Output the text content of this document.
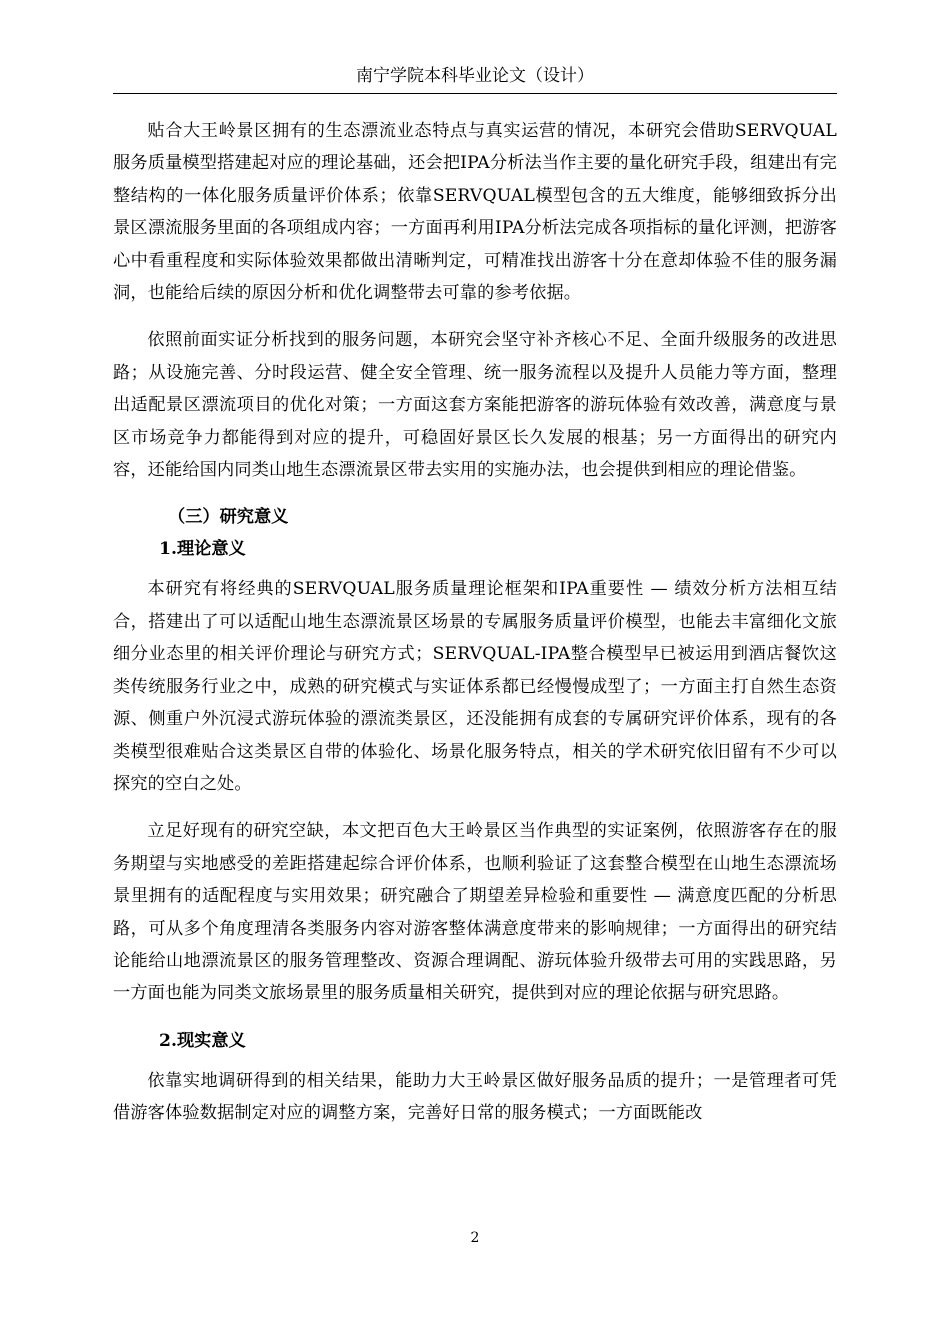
南宁学院本科毕业论文（设计）

贴合大王岭景区拥有的生态漂流业态特点与真实运营的情况，本研究会借助SERVQUAL服务质量模型搭建起对应的理论基础，还会把IPA分析法当作主要的量化研究手段，组建出有完整结构的一体化服务质量评价体系；依靠SERVQUAL模型包含的五大维度，能够细致拆分出景区漂流服务里面的各项组成内容；一方面再利用IPA分析法完成各项指标的量化评测，把游客心中看重程度和实际体验效果都做出清晰判定，可精准找出游客十分在意却体验不佳的服务漏洞，也能给后续的原因分析和优化调整带去可靠的参考依据。

依照前面实证分析找到的服务问题，本研究会坚守补齐核心不足、全面升级服务的改进思路；从设施完善、分时段运营、健全安全管理、统一服务流程以及提升人员能力等方面，整理出适配景区漂流项目的优化对策；一方面这套方案能把游客的游玩体验有效改善，满意度与景区市场竞争力都能得到对应的提升，可稳固好景区长久发展的根基；另一方面得出的研究内容，还能给国内同类山地生态漂流景区带去实用的实施办法，也会提供到相应的理论借鉴。

（三）研究意义
1.理论意义

本研究有将经典的SERVQUAL服务质量理论框架和IPA重要性 — 绩效分析方法相互结合，搭建出了可以适配山地生态漂流景区场景的专属服务质量评价模型，也能去丰富细化文旅细分业态里的相关评价理论与研究方式；SERVQUAL-IPA整合模型早已被运用到酒店餐饮这类传统服务行业之中，成熟的研究模式与实证体系都已经慢慢成型了；一方面主打自然生态资源、侧重户外沉浸式游玩体验的漂流类景区，还没能拥有成套的专属研究评价体系，现有的各类模型很难贴合这类景区自带的体验化、场景化服务特点，相关的学术研究依旧留有不少可以探究的空白之处。

立足好现有的研究空缺，本文把百色大王岭景区当作典型的实证案例，依照游客存在的服务期望与实地感受的差距搭建起综合评价体系，也顺利验证了这套整合模型在山地生态漂流场景里拥有的适配程度与实用效果；研究融合了期望差异检验和重要性 — 满意度匹配的分析思路，可从多个角度理清各类服务内容对游客整体满意度带来的影响规律；一方面得出的研究结论能给山地漂流景区的服务管理整改、资源合理调配、游玩体验升级带去可用的实践思路，另一方面也能为同类文旅场景里的服务质量相关研究，提供到对应的理论依据与研究思路。

2.现实意义

依靠实地调研得到的相关结果，能助力大王岭景区做好服务品质的提升；一是管理者可凭借游客体验数据制定对应的调整方案，完善好日常的服务模式；一方面既能改

2
